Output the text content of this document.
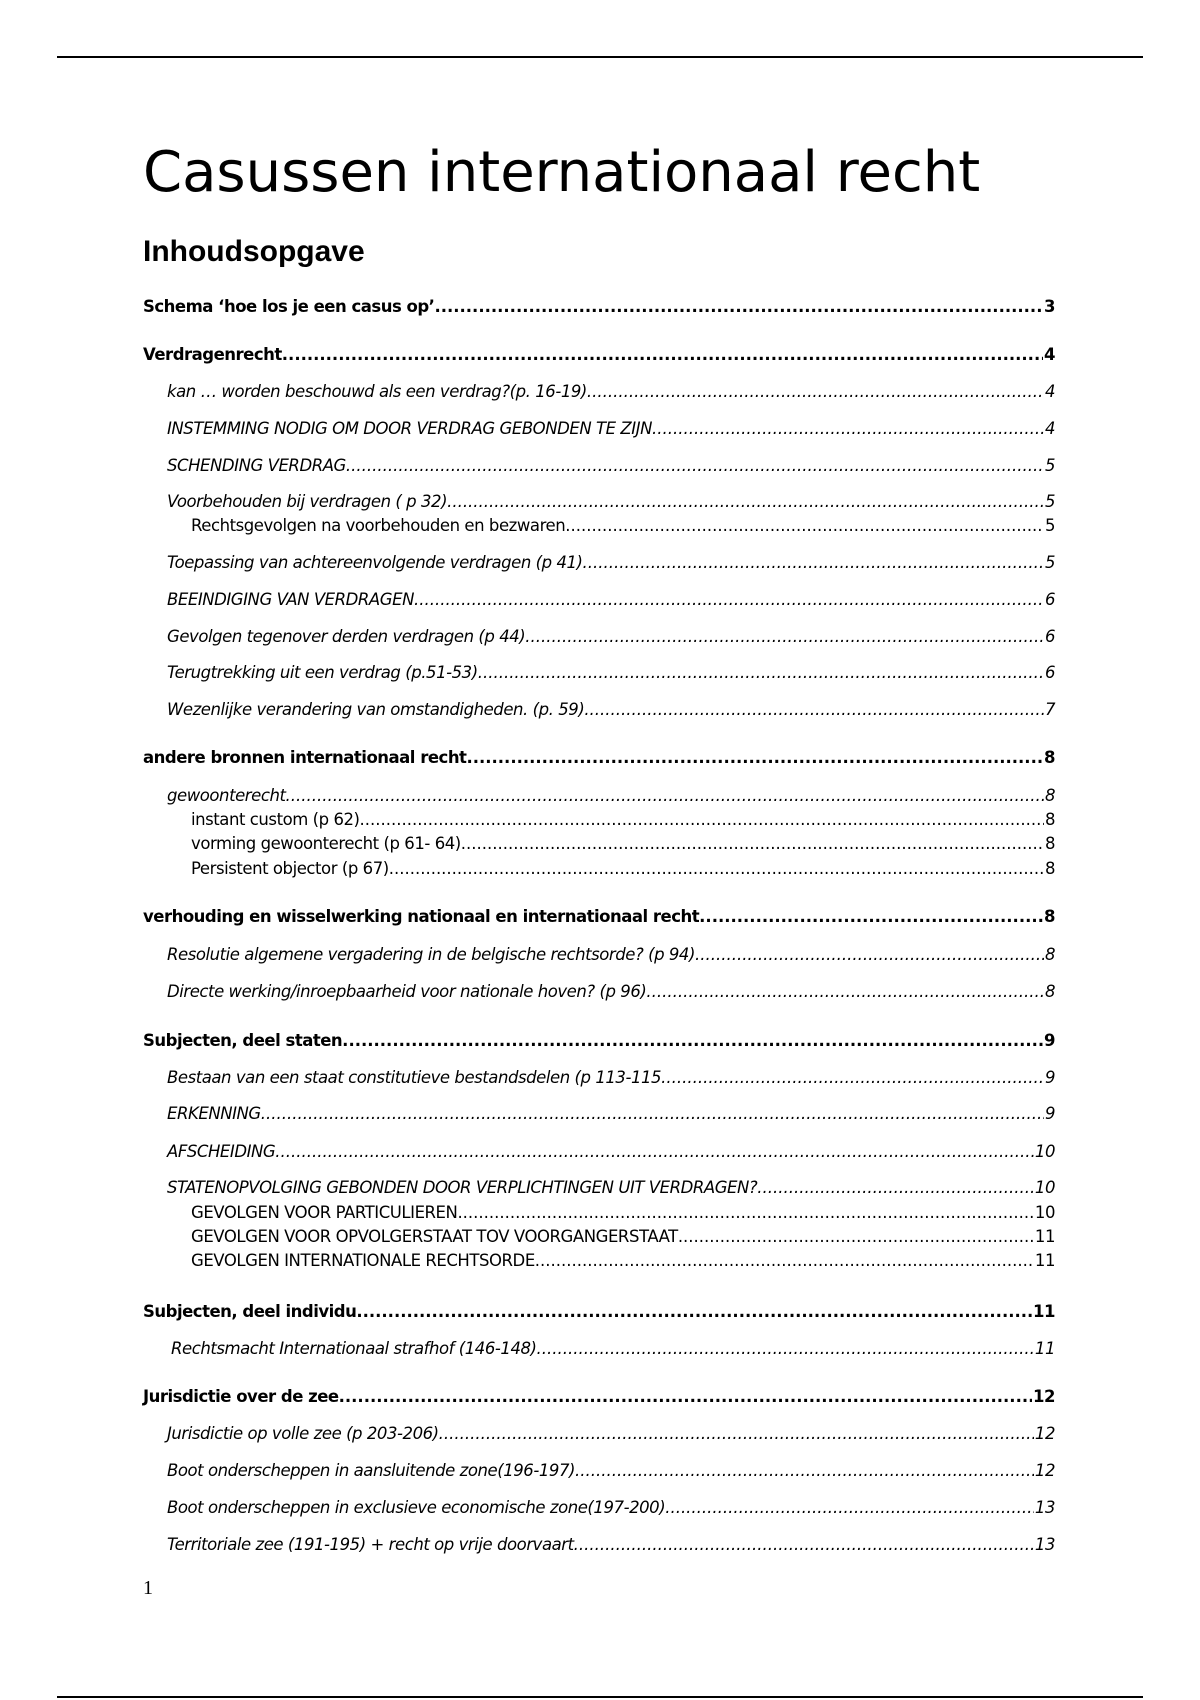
Casussen internationaal recht
Inhoudsopgave
Schema ‘hoe los je een casus op’ .....	3
Verdragenrecht .....	4
kan … worden beschouwd als een verdrag?(p. 16-19) .....	4
INSTEMMING NODIG OM DOOR VERDRAG GEBONDEN TE ZIJN .....	4
SCHENDING VERDRAG .....	5
Voorbehouden bij verdragen ( p 32) .....	5
Rechtsgevolgen na voorbehouden en bezwaren .....	5
Toepassing van achtereenvolgende verdragen (p 41) .....	5
BEEINDIGING VAN VERDRAGEN .....	6
Gevolgen tegenover derden verdragen (p 44) .....	6
Terugtrekking uit een verdrag (p.51-53) .....	6
Wezenlijke verandering van omstandigheden. (p. 59) .....	7
andere bronnen internationaal recht .....	8
gewoonterecht .....	8
instant custom (p 62) .....	8
vorming gewoonterecht (p 61- 64) .....	8
Persistent objector (p 67) .....	8
verhouding en wisselwerking nationaal en internationaal recht .....	8
Resolutie algemene vergadering in de belgische rechtsorde? (p 94) .....	8
Directe werking/inroepbaarheid voor nationale hoven? (p 96) .....	8
Subjecten, deel staten .....	9
Bestaan van een staat constitutieve bestandsdelen (p 113-115 .....	9
ERKENNING .....	9
AFSCHEIDING .....	10
STATENOPVOLGING GEBONDEN DOOR VERPLICHTINGEN UIT VERDRAGEN? .....	10
GEVOLGEN VOOR PARTICULIEREN .....	10
GEVOLGEN VOOR OPVOLGERSTAAT TOV VOORGANGERSTAAT .....	11
GEVOLGEN INTERNATIONALE RECHTSORDE .....	11
Subjecten, deel individu .....	11
Rechtsmacht Internationaal strafhof (146-148) .....	11
Jurisdictie over de zee .....	12
Jurisdictie op volle zee (p 203-206) .....	12
Boot onderscheppen in aansluitende zone(196-197) .....	12
Boot onderscheppen in exclusieve economische zone(197-200) .....	13
Territoriale zee (191-195) + recht op vrije doorvaart .....	13
1
